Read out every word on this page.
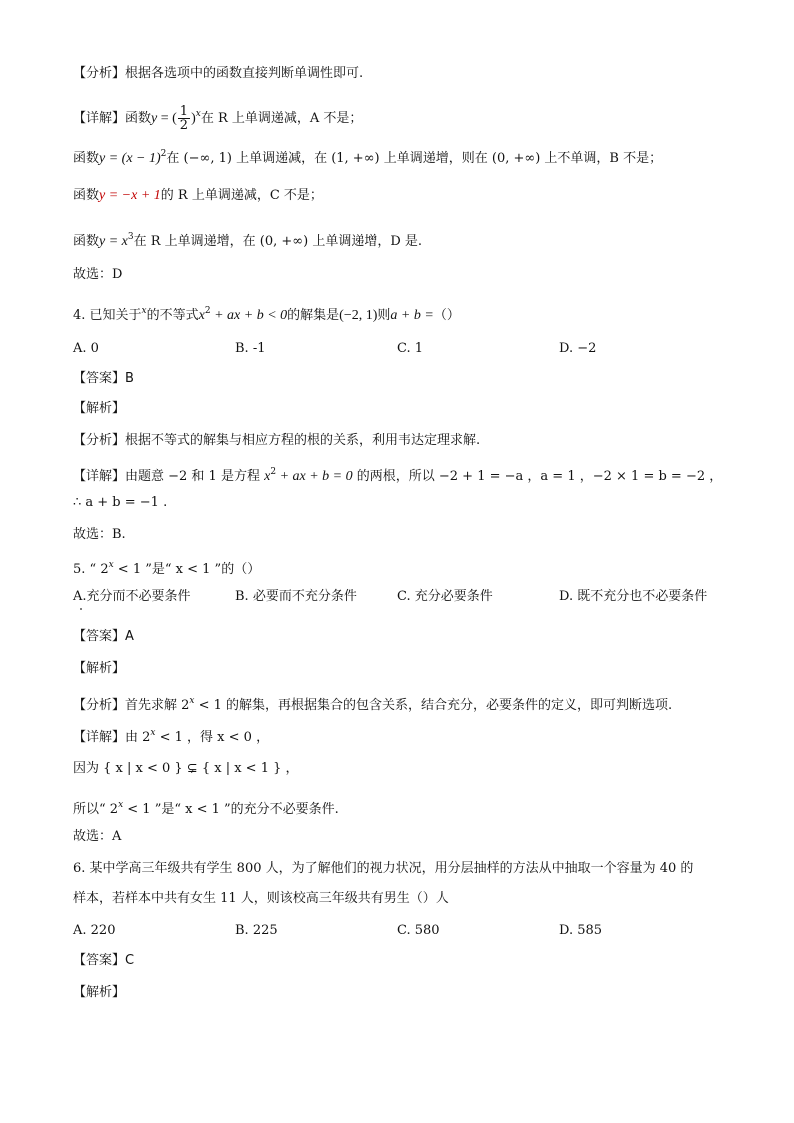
【分析】根据各选项中的函数直接判断单调性即可.
【详解】函数y = ( $\frac{1}{2} )^x$在 R 上单调递减，A 不是；
函数$y = (x - 1)^2$在 (−∞, 1) 上单调递减，在 (1, +∞) 上单调递增，则在 (0, +∞) 上不单调，B 不是；
函数y = −x + 1的 R 上单调递减，C 不是；
函数$y = x^3$在 R 上单调递增，在 (0, +∞) 上单调递增，D 是.
故选：D
4. 已知关于$^x$的不等式$x^2$ + ax + b < 0的解集是(−2, 1)则a + b =（）
A. 0	B. -1	C. 1	D. −2
【答案】B
【解析】
【分析】根据不等式的解集与相应方程的根的关系，利用韦达定理求解.
【详解】由题意 −2 和 1 是方程 $x^2$ + ax + b = 0 的两根，所以 −2 + 1 = −a ，a = 1 ，−2 × 1 = b = −2 ，
∴ a + b = −1 .
故选：B.
5. “ $2^x < 1$ ”是“ x < 1 ”的（）
A.充分而不必要条件	B. 必要而不充分条件	C. 充分必要条件	D. 既不充分也不必要条件
【答案】A
【解析】
【分析】首先求解 $2^x < 1$ 的解集，再根据集合的包含关系，结合充分，必要条件的定义，即可判断选项.
【详解】由 $2^x < 1$ ，得 x < 0 ，
因为 { x | x < 0 } ⊊ { x | x < 1 } ，
所以“ $2^x < 1$ ”是“ x < 1 ”的充分不必要条件.
故选：A
6. 某中学高三年级共有学生 800 人，为了解他们的视力状况，用分层抽样的方法从中抽取一个容量为 40 的
样本，若样本中共有女生 11 人，则该校高三年级共有男生（）人
A. 220	B. 225	C. 580	D. 585
【答案】C
【解析】
